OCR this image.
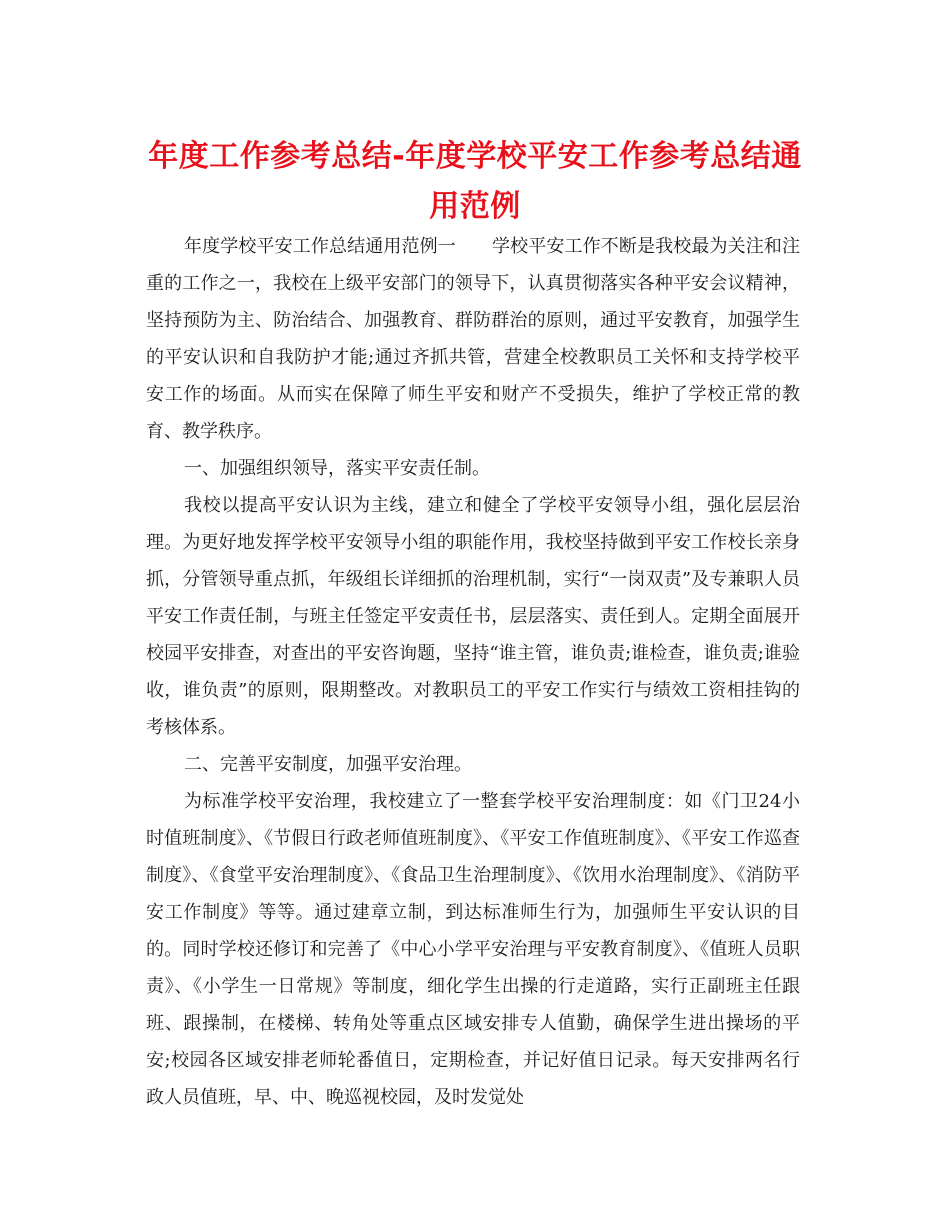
年度工作参考总结-年度学校平安工作参考总结通用范例

年度学校平安工作总结通用范例一　　学校平安工作不断是我校最为关注和注重的工作之一，我校在上级平安部门的领导下，认真贯彻落实各种平安会议精神，坚持预防为主、防治结合、加强教育、群防群治的原则，通过平安教育，加强学生的平安认识和自我防护才能;通过齐抓共管，营建全校教职员工关怀和支持学校平安工作的场面。从而实在保障了师生平安和财产不受损失，维护了学校正常的教育、教学秩序。

一、加强组织领导，落实平安责任制。

我校以提高平安认识为主线，建立和健全了学校平安领导小组，强化层层治理。为更好地发挥学校平安领导小组的职能作用，我校坚持做到平安工作校长亲身抓，分管领导重点抓，年级组长详细抓的治理机制，实行“一岗双责”及专兼职人员平安工作责任制，与班主任签定平安责任书，层层落实、责任到人。定期全面展开校园平安排查，对查出的平安咨询题，坚持“谁主管，谁负责;谁检查，谁负责;谁验收，谁负责”的原则，限期整改。对教职员工的平安工作实行与绩效工资相挂钩的考核体系。

二、完善平安制度，加强平安治理。

为标准学校平安治理，我校建立了一整套学校平安治理制度：如《门卫24小时值班制度》、《节假日行政老师值班制度》、《平安工作值班制度》、《平安工作巡查制度》、《食堂平安治理制度》、《食品卫生治理制度》、《饮用水治理制度》、《消防平安工作制度》等等。通过建章立制，到达标准师生行为，加强师生平安认识的目的。同时学校还修订和完善了《中心小学平安治理与平安教育制度》、《值班人员职责》、《小学生一日常规》等制度，细化学生出操的行走道路，实行正副班主任跟班、跟操制，在楼梯、转角处等重点区域安排专人值勤，确保学生进出操场的平安;校园各区域安排老师轮番值日，定期检查，并记好值日记录。每天安排两名行政人员值班，早、中、晚巡视校园，及时发觉处
